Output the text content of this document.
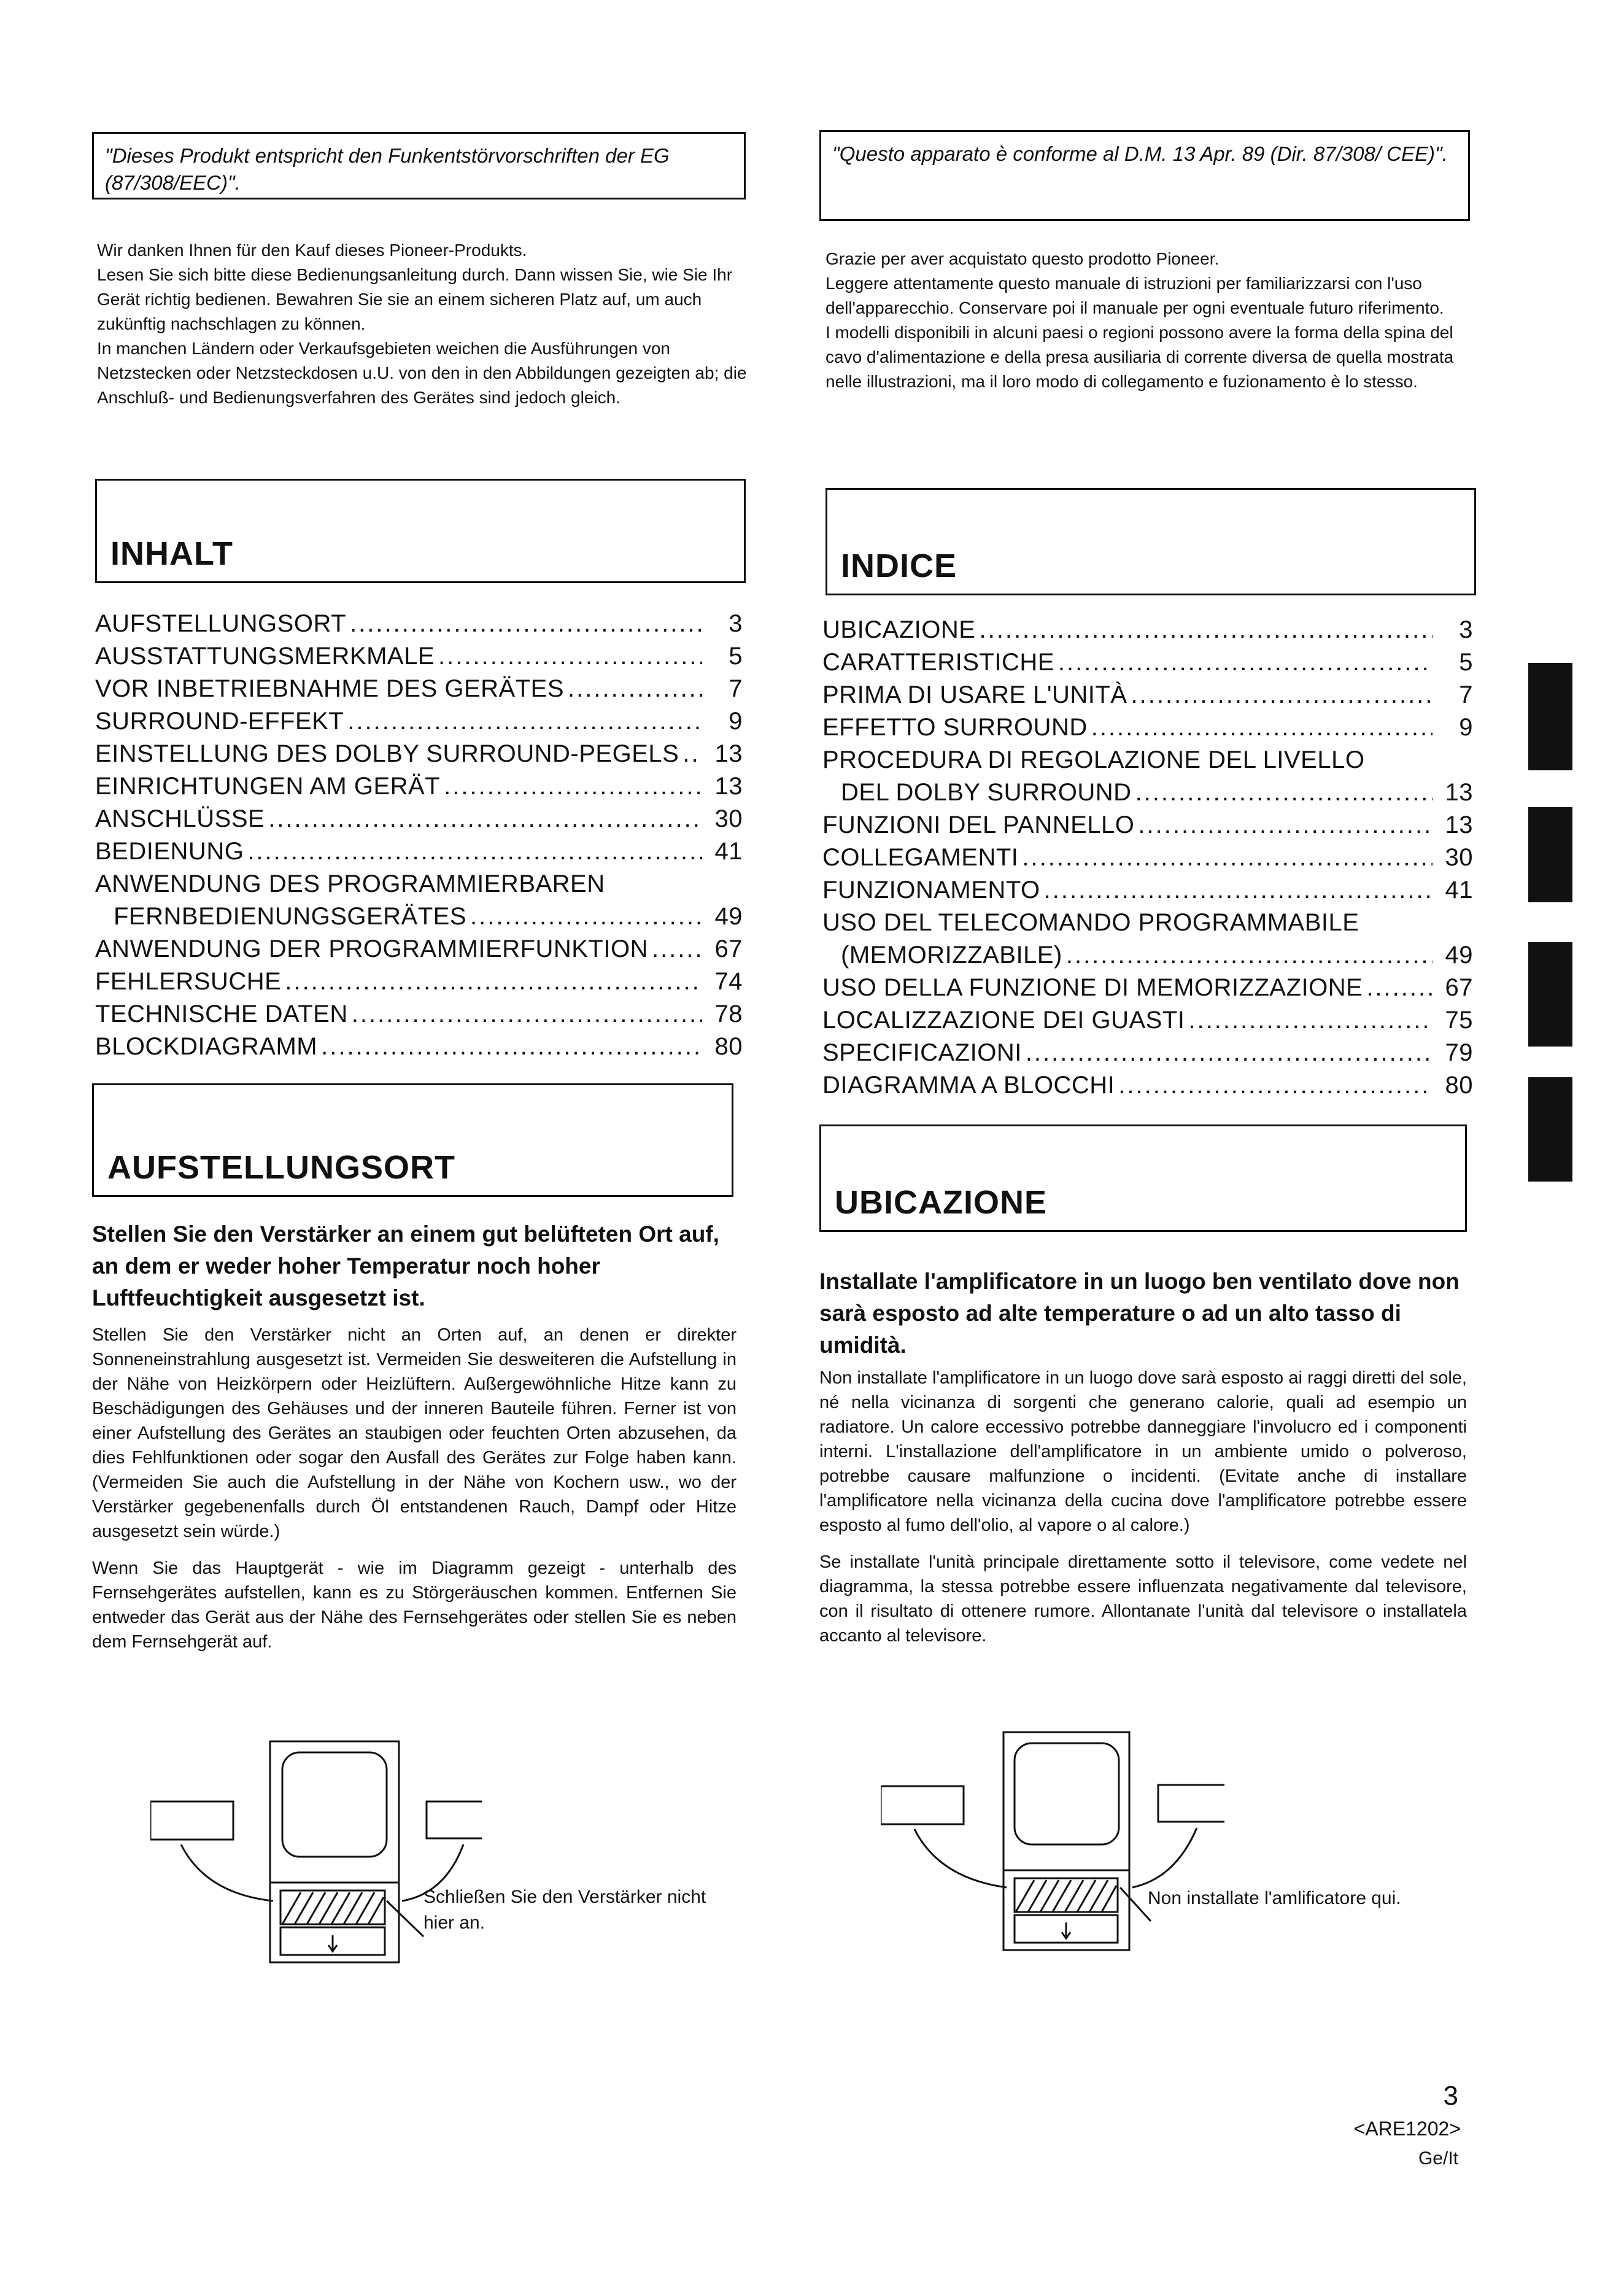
"Dieses Produkt entspricht den Funkentstörvorschriften der EG (87/308/EEC)".

Wir danken Ihnen für den Kauf dieses Pioneer-Produkts.

Lesen Sie sich bitte diese Bedienungsanleitung durch. Dann wissen Sie, wie Sie Ihr Gerät richtig bedienen. Bewahren Sie sie an einem sicheren Platz auf, um auch zukünftig nachschlagen zu können.

In manchen Ländern oder Verkaufsgebieten weichen die Ausführungen von Netzstecken oder Netzsteckdosen u.U. von den in den Abbildungen gezeigten ab; die Anschluß- und Bedienungsverfahren des Gerätes sind jedoch gleich.

INHALT
AUFSTELLUNGSORT .....	3
AUSSTATTUNGSMERKMALE .....	5
VOR INBETRIEBNAHME DES GERÄTES .....	7
SURROUND-EFFEKT .....	9
EINSTELLUNG DES DOLBY SURROUND-PEGELS .....	13
EINRICHTUNGEN AM GERÄT .....	13
ANSCHLÜSSE .....	30
BEDIENUNG .....	41
ANWENDUNG DES PROGRAMMIERBAREN
FERNBEDIENUNGSGERÄTES .....	49
ANWENDUNG DER PROGRAMMIERFUNKTION .....	67
FEHLERSUCHE .....	74
TECHNISCHE DATEN .....	78
BLOCKDIAGRAMM .....	80
AUFSTELLUNGSORT
Stellen Sie den Verstärker an einem gut belüfteten Ort auf, an dem er weder hoher Temperatur noch hoher Luftfeuchtigkeit ausgesetzt ist.

Stellen Sie den Verstärker nicht an Orten auf, an denen er direkter Sonneneinstrahlung ausgesetzt ist. Vermeiden Sie desweiteren die Aufstellung in der Nähe von Heizkörpern oder Heizlüftern. Außergewöhnliche Hitze kann zu Beschädigungen des Gehäuses und der inneren Bauteile führen. Ferner ist von einer Aufstellung des Gerätes an staubigen oder feuchten Orten abzusehen, da dies Fehlfunktionen oder sogar den Ausfall des Gerätes zur Folge haben kann. (Vermeiden Sie auch die Aufstellung in der Nähe von Kochern usw., wo der Verstärker gegebenenfalls durch Öl entstandenen Rauch, Dampf oder Hitze ausgesetzt sein würde.)

Wenn Sie das Hauptgerät - wie im Diagramm gezeigt - unterhalb des Fernsehgerätes aufstellen, kann es zu Störgeräuschen kommen. Entfernen Sie entweder das Gerät aus der Nähe des Fernsehgerätes oder stellen Sie es neben dem Fernsehgerät auf.

Schließen Sie den Verstärker nicht hier an.
"Questo apparato è conforme al D.M. 13 Apr. 89 (Dir. 87/308/ CEE)".

Grazie per aver acquistato questo prodotto Pioneer.

Leggere attentamente questo manuale di istruzioni per familiarizzarsi con l'uso dell'apparecchio. Conservare poi il manuale per ogni eventuale futuro riferimento.

I modelli disponibili in alcuni paesi o regioni possono avere la forma della spina del cavo d'alimentazione e della presa ausiliaria di corrente diversa de quella mostrata nelle illustrazioni, ma il loro modo di collegamento e fuzionamento è lo stesso.

INDICE
UBICAZIONE .....	3
CARATTERISTICHE .....	5
PRIMA DI USARE L'UNITÀ .....	7
EFFETTO SURROUND .....	9
PROCEDURA DI REGOLAZIONE DEL LIVELLO
DEL DOLBY SURROUND .....	13
FUNZIONI DEL PANNELLO .....	13
COLLEGAMENTI .....	30
FUNZIONAMENTO .....	41
USO DEL TELECOMANDO PROGRAMMABILE
(MEMORIZZABILE) .....	49
USO DELLA FUNZIONE DI MEMORIZZAZIONE .....	67
LOCALIZZAZIONE DEI GUASTI .....	75
SPECIFICAZIONI .....	79
DIAGRAMMA A BLOCCHI .....	80
UBICAZIONE
Installate l'amplificatore in un luogo ben ventilato dove non sarà esposto ad alte temperature o ad un alto tasso di umidità.

Non installate l'amplificatore in un luogo dove sarà esposto ai raggi diretti del sole, né nella vicinanza di sorgenti che generano calorie, quali ad esempio un radiatore. Un calore eccessivo potrebbe danneggiare l'involucro ed i componenti interni. L'installazione dell'amplificatore in un ambiente umido o polveroso, potrebbe causare malfunzione o incidenti. (Evitate anche di installare l'amplificatore nella vicinanza della cucina dove l'amplificatore potrebbe essere esposto al fumo dell'olio, al vapore o al calore.)

Se installate l'unità principale direttamente sotto il televisore, come vedete nel diagramma, la stessa potrebbe essere influenzata negativamente dal televisore, con il risultato di ottenere rumore. Allontanate l'unità dal televisore o installatela accanto al televisore.

Non installate l'amlificatore qui.
3
<ARE1202>
Ge/It
